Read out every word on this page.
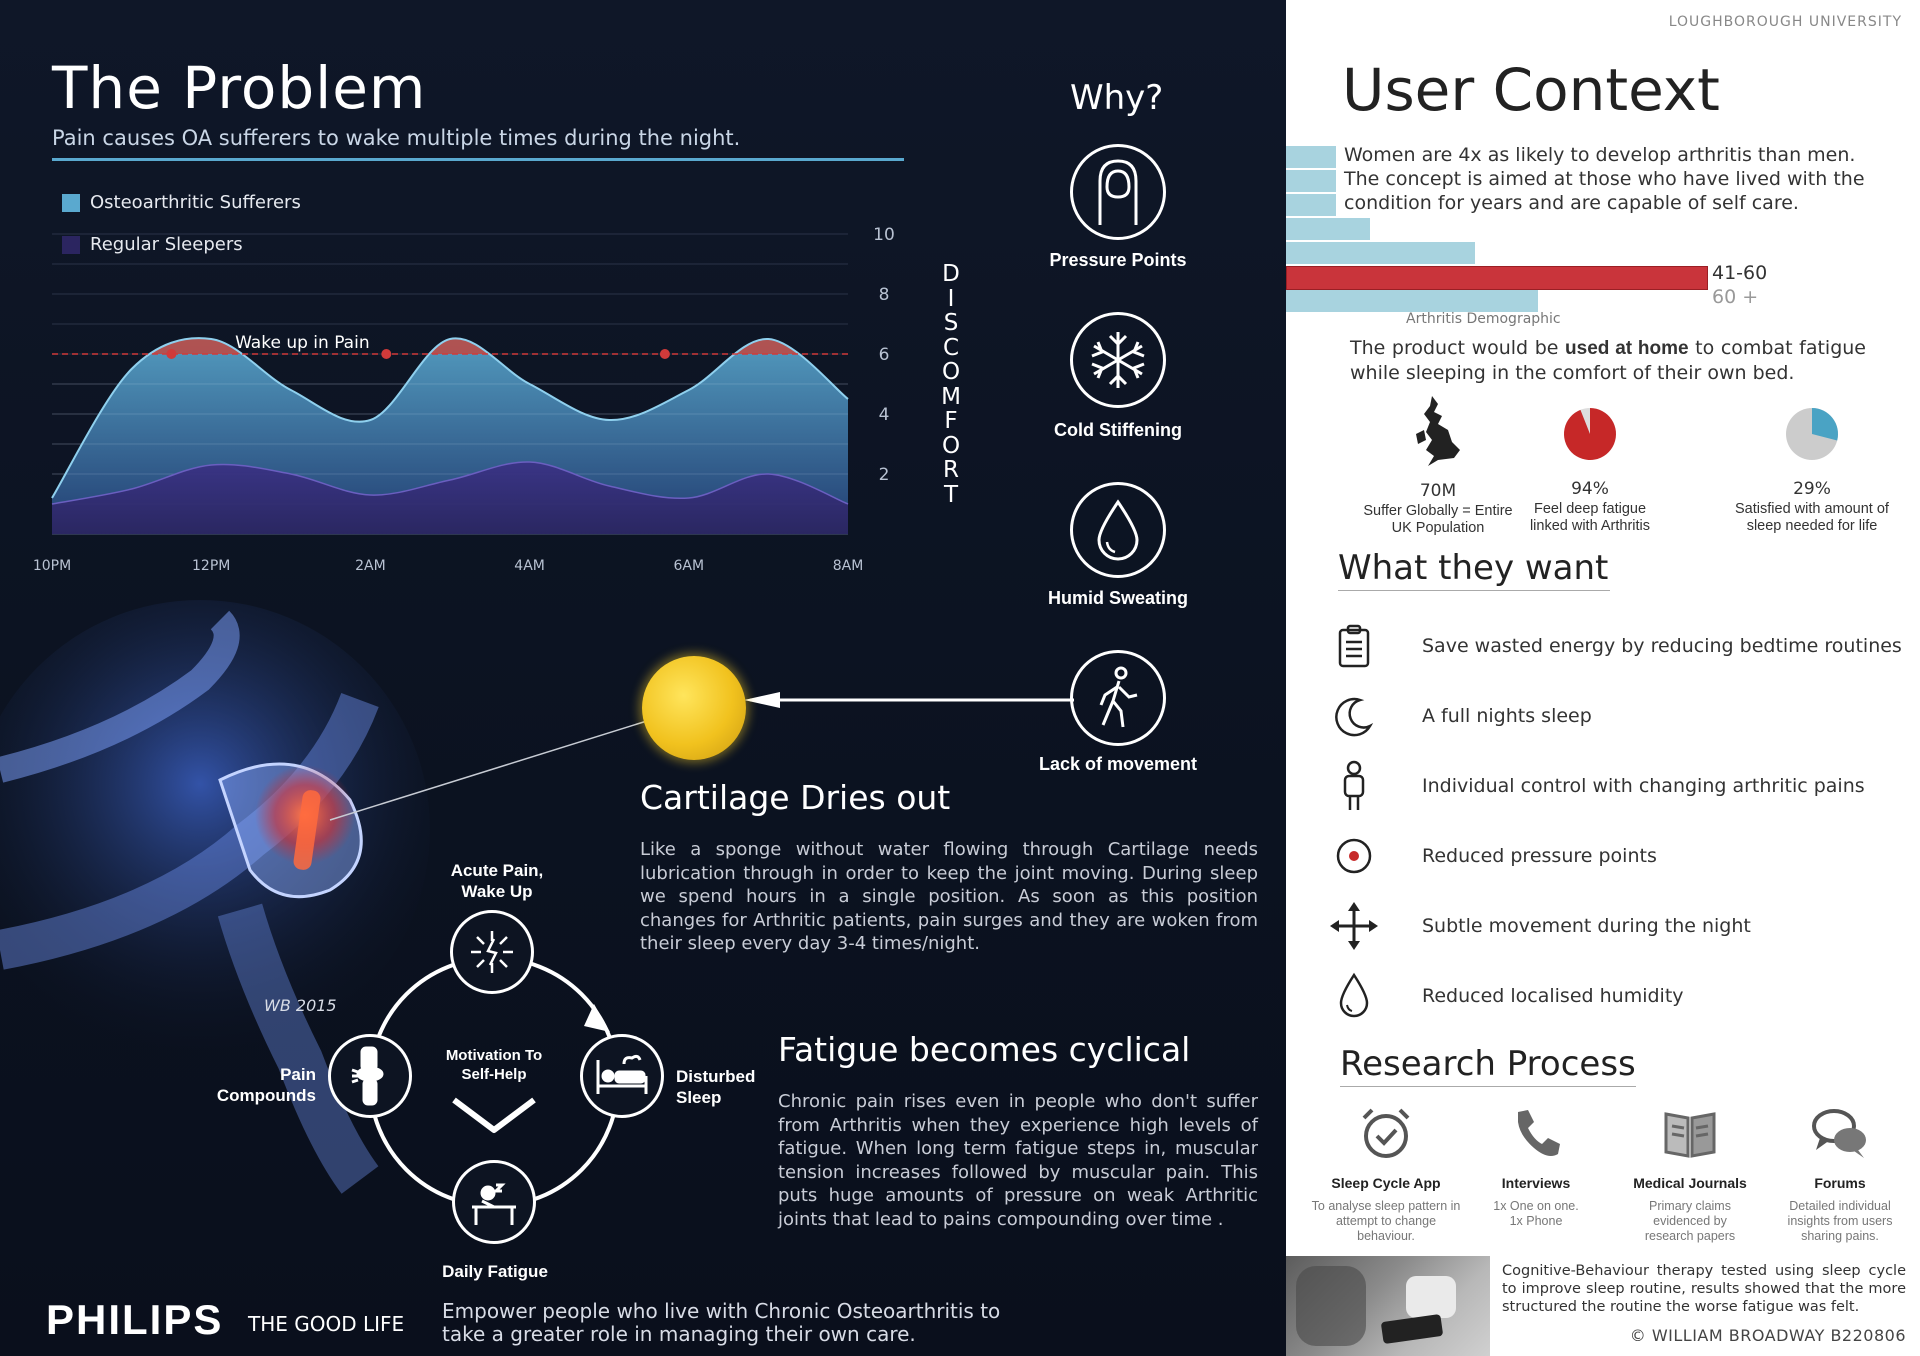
The Problem
Pain causes OA sufferers to wake multiple times during the night.
Osteoarthritic Sufferers
Regular Sleepers
Wake up in Pain
2
4
6
8
10
10PM	12PM	2AM	4AM	6AM	8AM
D
I
S
C
O
M
F
O
R
T
Why?
Pressure Points
Cold Stiffening
Humid Sweating
Lack of movement
WB 2015
Cartilage Dries out
Like a sponge without water flowing through Cartilage needs lubrication through in order to keep the joint moving. During sleep we spend hours in a single position. As soon as this position changes for Arthritic patients, pain surges and they are woken from their sleep every day 3-4 times/night.
Acute Pain, Wake Up
Disturbed Sleep
Daily Fatigue
Pain Compounds
Motivation To Self-Help
Fatigue becomes cyclical
Chronic pain rises even in people who don't suffer from Arthritis when they experience high levels of fatigue. When long term fatigue steps in, muscular tension increases followed by muscular pain. This puts huge amounts of pressure on weak Arthritic joints that lead to pains compounding over time .
PHILIPS THE GOOD LIFE
Empower people who live with Chronic Osteoarthritis to take a greater role in managing their own care.
LOUGHBOROUGH UNIVERSITY
User Context
41-60
60 +
Arthritis Demographic
Women are 4x as likely to develop arthritis than men. The concept is aimed at those who have lived with the condition for years and are capable of self care.
The product would be used at home to combat fatigue while sleeping in the comfort of their own bed.
70M
Suffer Globally = Entire UK Population
94%
Feel deep fatigue linked with Arthritis
29%
Satisfied with amount of sleep needed for life
What they want
Save wasted energy by reducing bedtime routines
A full nights sleep
Individual control with changing arthritic pains
Reduced pressure points
Subtle movement during the night
Reduced localised humidity
Research Process
Sleep Cycle App
To analyse sleep pattern in attempt to change behaviour.
Interviews
1x One on one. 1x Phone
Medical Journals
Primary claims evidenced by research papers
Forums
Detailed individual insights from users sharing pains.
Cognitive-Behaviour therapy tested using sleep cycle to improve sleep routine, results showed that the more structured the routine the worse fatigue was felt.
© WILLIAM BROADWAY B220806
